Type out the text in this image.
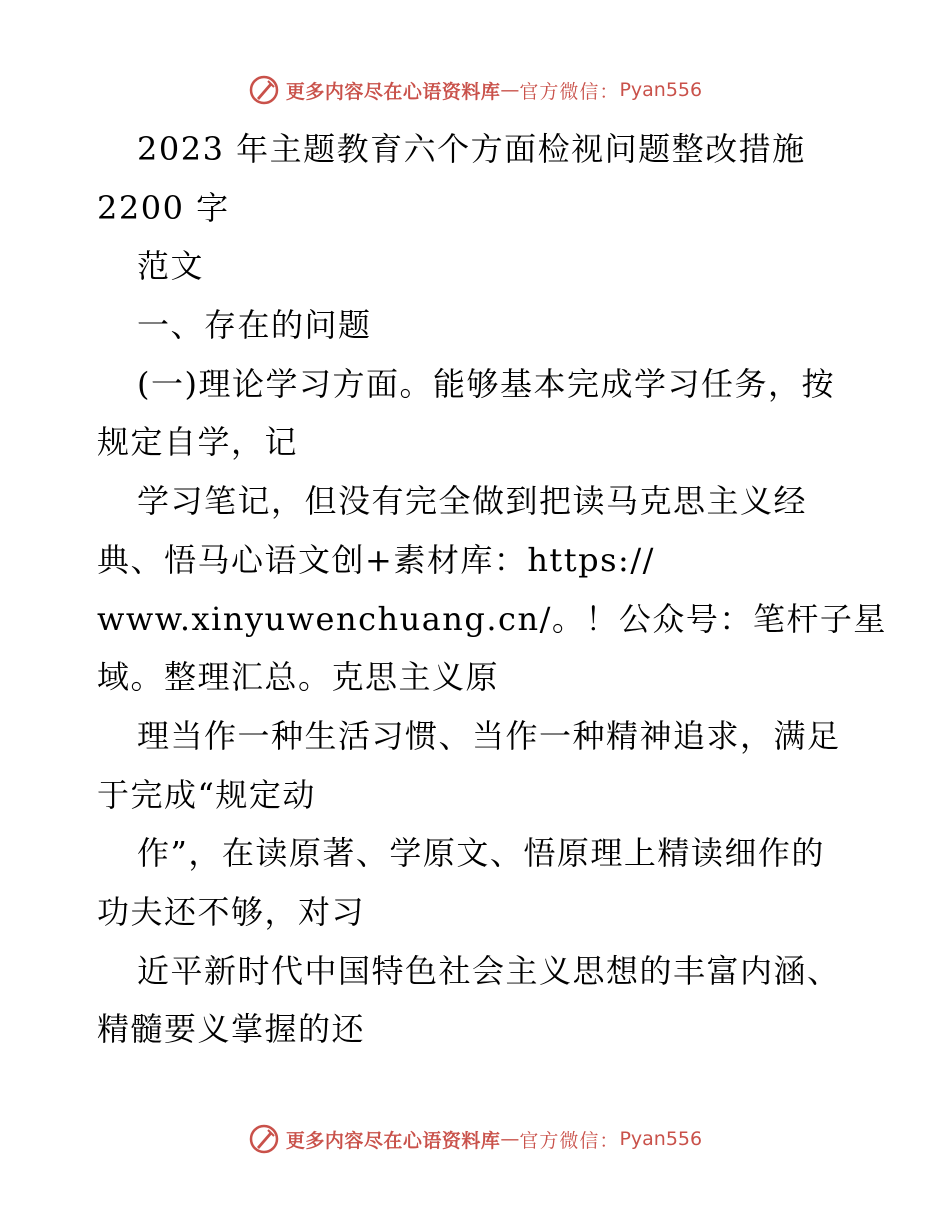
更多内容尽在心语资料库 — 官方微信： Pyan556
2023 年主题教育六个方面检视问题整改措施
2200 字
范文
一、存在的问题
(一)理论学习方面。能够基本完成学习任务，按
规定自学，记
学习笔记，但没有完全做到把读马克思主义经
典、悟马心语文创+素材库：https://
www.xinyuwenchuang.cn/。！公众号：笔杆子星
域。整理汇总。克思主义原
理当作一种生活习惯、当作一种精神追求，满足
于完成“规定动
作”，在读原著、学原文、悟原理上精读细作的
功夫还不够，对习
近平新时代中国特色社会主义思想的丰富内涵、
精髓要义掌握的还
更多内容尽在心语资料库 — 官方微信： Pyan556
